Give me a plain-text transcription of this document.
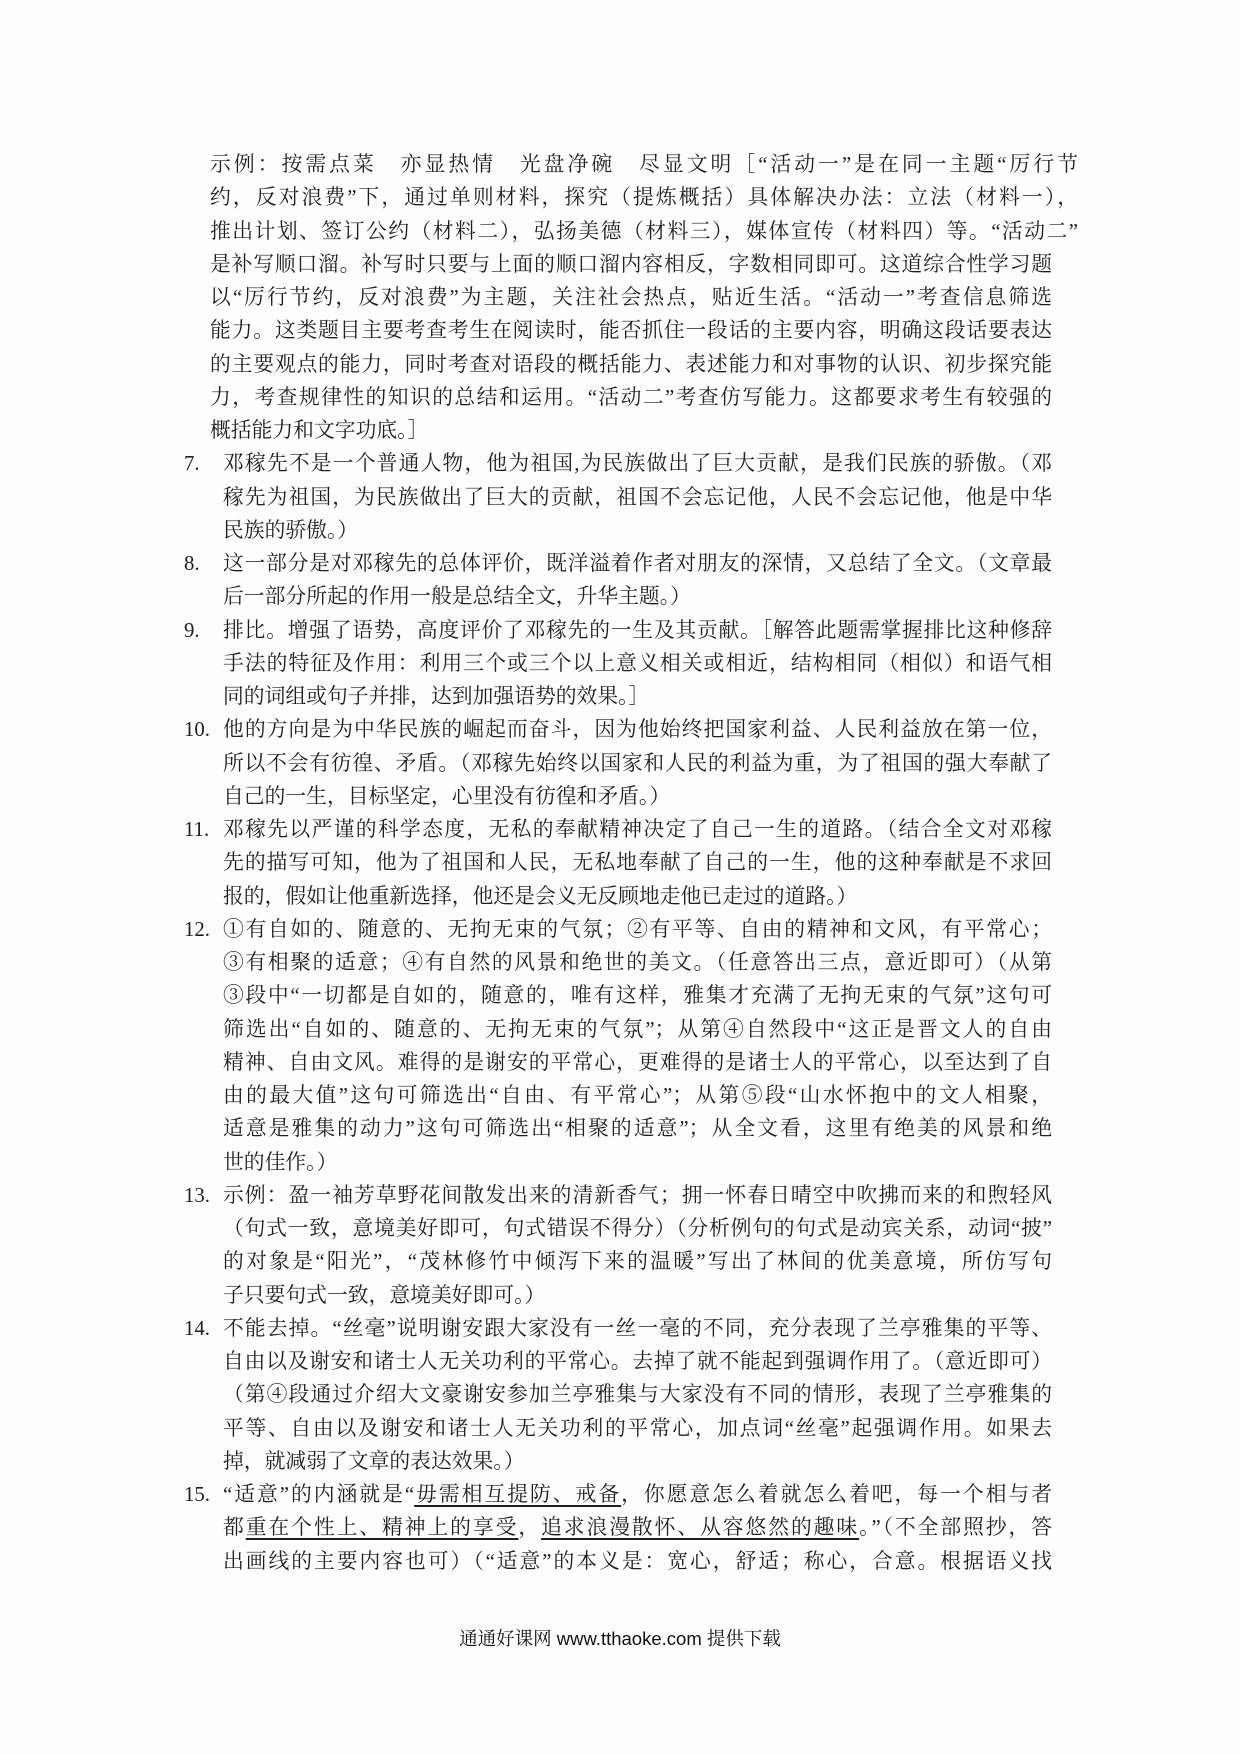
示例：按需点菜　亦显热情　光盘净碗　尽显文明［“活动一”是在同一主题“厉行节
约，反对浪费”下，通过单则材料，探究（提炼概括）具体解决办法：立法（材料一），
推出计划、签订公约（材料二），弘扬美德（材料三），媒体宣传（材料四）等。“活动二”
是补写顺口溜。补写时只要与上面的顺口溜内容相反，字数相同即可。这道综合性学习题
以“厉行节约，反对浪费”为主题，关注社会热点，贴近生活。“活动一”考查信息筛选
能力。这类题目主要考查考生在阅读时，能否抓住一段话的主要内容，明确这段话要表达
的主要观点的能力，同时考查对语段的概括能力、表述能力和对事物的认识、初步探究能
力，考查规律性的知识的总结和运用。“活动二”考查仿写能力。这都要求考生有较强的
概括能力和文字功底。］
7. 邓稼先不是一个普通人物，他为祖国,为民族做出了巨大贡献，是我们民族的骄傲。（邓
稼先为祖国，为民族做出了巨大的贡献，祖国不会忘记他，人民不会忘记他，他是中华
民族的骄傲。）
8. 这一部分是对邓稼先的总体评价，既洋溢着作者对朋友的深情，又总结了全文。（文章最
后一部分所起的作用一般是总结全文，升华主题。）
9. 排比。增强了语势，高度评价了邓稼先的一生及其贡献。［解答此题需掌握排比这种修辞
手法的特征及作用：利用三个或三个以上意义相关或相近，结构相同（相似）和语气相
同的词组或句子并排，达到加强语势的效果。］
10. 他的方向是为中华民族的崛起而奋斗，因为他始终把国家利益、人民利益放在第一位，
所以不会有彷徨、矛盾。（邓稼先始终以国家和人民的利益为重，为了祖国的强大奉献了
自己的一生，目标坚定，心里没有彷徨和矛盾。）
11. 邓稼先以严谨的科学态度，无私的奉献精神决定了自己一生的道路。（结合全文对邓稼
先的描写可知，他为了祖国和人民，无私地奉献了自己的一生，他的这种奉献是不求回
报的，假如让他重新选择，他还是会义无反顾地走他已走过的道路。）
12. ①有自如的、随意的、无拘无束的气氛；②有平等、自由的精神和文风，有平常心；
③有相聚的适意；④有自然的风景和绝世的美文。（任意答出三点，意近即可）（从第
③段中“一切都是自如的，随意的，唯有这样，雅集才充满了无拘无束的气氛”这句可
筛选出“自如的、随意的、无拘无束的气氛”；从第④自然段中“这正是晋文人的自由
精神、自由文风。难得的是谢安的平常心，更难得的是诸士人的平常心，以至达到了自
由的最大值”这句可筛选出“自由、有平常心”；从第⑤段“山水怀抱中的文人相聚，
适意是雅集的动力”这句可筛选出“相聚的适意”；从全文看，这里有绝美的风景和绝
世的佳作。）
13. 示例：盈一袖芳草野花间散发出来的清新香气；拥一怀春日晴空中吹拂而来的和煦轻风
（句式一致，意境美好即可，句式错误不得分）（分析例句的句式是动宾关系，动词“披”
的对象是“阳光”，“茂林修竹中倾泻下来的温暖”写出了林间的优美意境，所仿写句
子只要句式一致，意境美好即可。）
14. 不能去掉。“丝毫”说明谢安跟大家没有一丝一毫的不同，充分表现了兰亭雅集的平等、
自由以及谢安和诸士人无关功利的平常心。去掉了就不能起到强调作用了。（意近即可）
（第④段通过介绍大文豪谢安参加兰亭雅集与大家没有不同的情形，表现了兰亭雅集的
平等、自由以及谢安和诸士人无关功利的平常心，加点词“丝毫”起强调作用。如果去
掉，就减弱了文章的表达效果。）
15. “适意”的内涵就是“毋需相互提防、戒备，你愿意怎么着就怎么着吧，每一个相与者
都重在个性上、精神上的享受，追求浪漫散怀、从容悠然的趣味。”（不全部照抄，答
出画线的主要内容也可）（“适意”的本义是：宽心，舒适；称心，合意。根据语义找
通通好课网 www.tthaoke.com 提供下载
